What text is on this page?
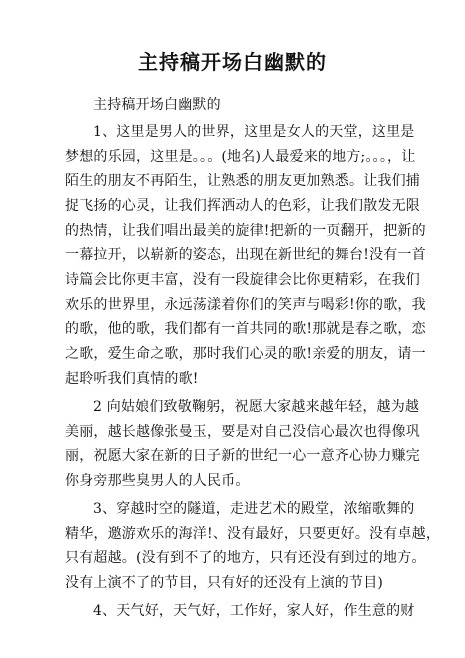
主持稿开场白幽默的
主持稿开场白幽默的
1、这里是男人的世界，这里是女人的天堂，这里是
梦想的乐园，这里是。。。(地名)人最爱来的地方;。。。，让
陌生的朋友不再陌生，让熟悉的朋友更加熟悉。让我们捕
捉飞扬的心灵，让我们挥洒动人的色彩，让我们散发无限
的热情，让我们唱出最美的旋律!把新的一页翻开，把新的
一幕拉开，以崭新的姿态，出现在新世纪的舞台!没有一首
诗篇会比你更丰富，没有一段旋律会比你更精彩，在我们
欢乐的世界里，永远荡漾着你们的笑声与喝彩!你的歌，我
的歌，他的歌，我们都有一首共同的歌!那就是春之歌，恋
之歌，爱生命之歌，那时我们心灵的歌!亲爱的朋友，请一
起聆听我们真情的歌!
2 向姑娘们致敬鞠躬，祝愿大家越来越年轻，越为越
美丽，越长越像张曼玉，要是对自己没信心最次也得像巩
丽，祝愿大家在新的日子新的世纪一心一意齐心协力赚完
你身旁那些臭男人的人民币。
3、穿越时空的隧道，走进艺术的殿堂，浓缩歌舞的
精华，邀游欢乐的海洋!、没有最好，只要更好。没有卓越，
只有超越。(没有到不了的地方，只有还没有到过的地方。
没有上演不了的节目，只有好的还没有上演的节目)
4、天气好，天气好，工作好，家人好，作生意的财
